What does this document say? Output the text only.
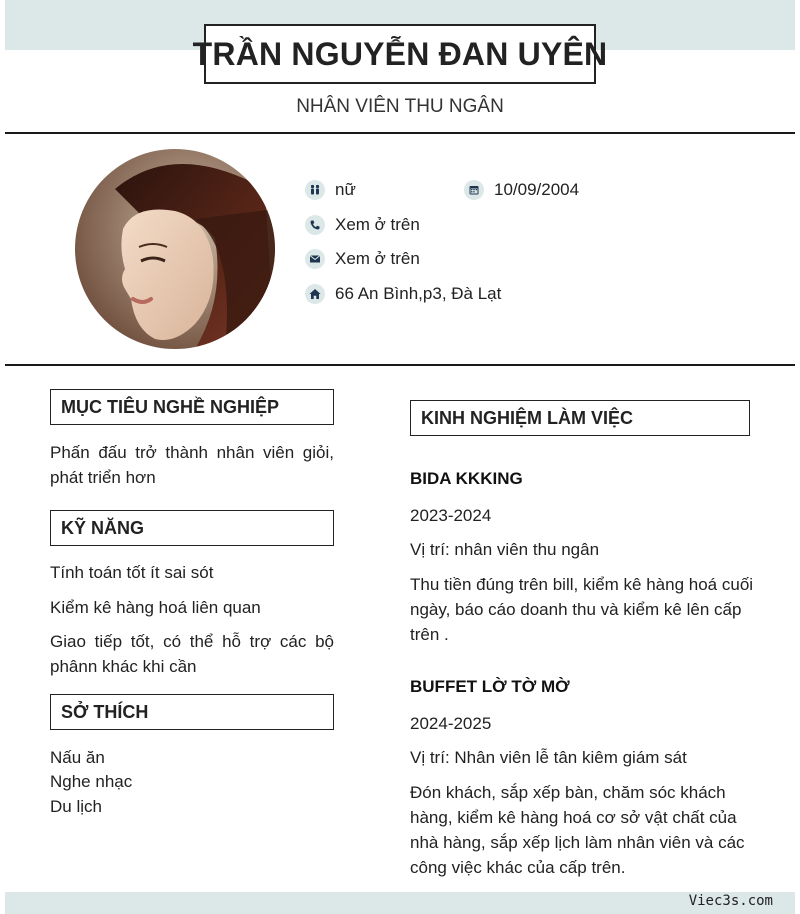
TRẦN NGUYỄN ĐAN UYÊN
NHÂN VIÊN THU NGÂN
nữ	10/09/2004
Xem ở trên
Xem ở trên
66 An Bình,p3, Đà Lạt
MỤC TIÊU NGHỀ NGHIỆP
Phấn đấu trở thành nhân viên giỏi, phát triển hơn
KỸ NĂNG
Tính toán tốt ít sai sót
Kiểm kê hàng hoá liên quan
Giao tiếp tốt, có thể hỗ trợ các bộ phânn khác khi cần
SỞ THÍCH
Nấu ăn
Nghe nhạc
Du lịch
KINH NGHIỆM LÀM VIỆC
BIDA KKKING
2023-2024
Vị trí: nhân viên thu ngân
Thu tiền đúng trên bill, kiểm kê hàng hoá cuối ngày, báo cáo doanh thu và kiểm kê lên cấp trên .
BUFFET LỜ TỜ MỜ
2024-2025
Vị trí: Nhân viên lễ tân kiêm giám sát
Đón khách, sắp xếp bàn, chăm sóc khách hàng, kiểm kê hàng hoá cơ sở vật chất của nhà hàng, sắp xếp lịch làm nhân viên và các công việc khác của cấp trên.
Viec3s.com
